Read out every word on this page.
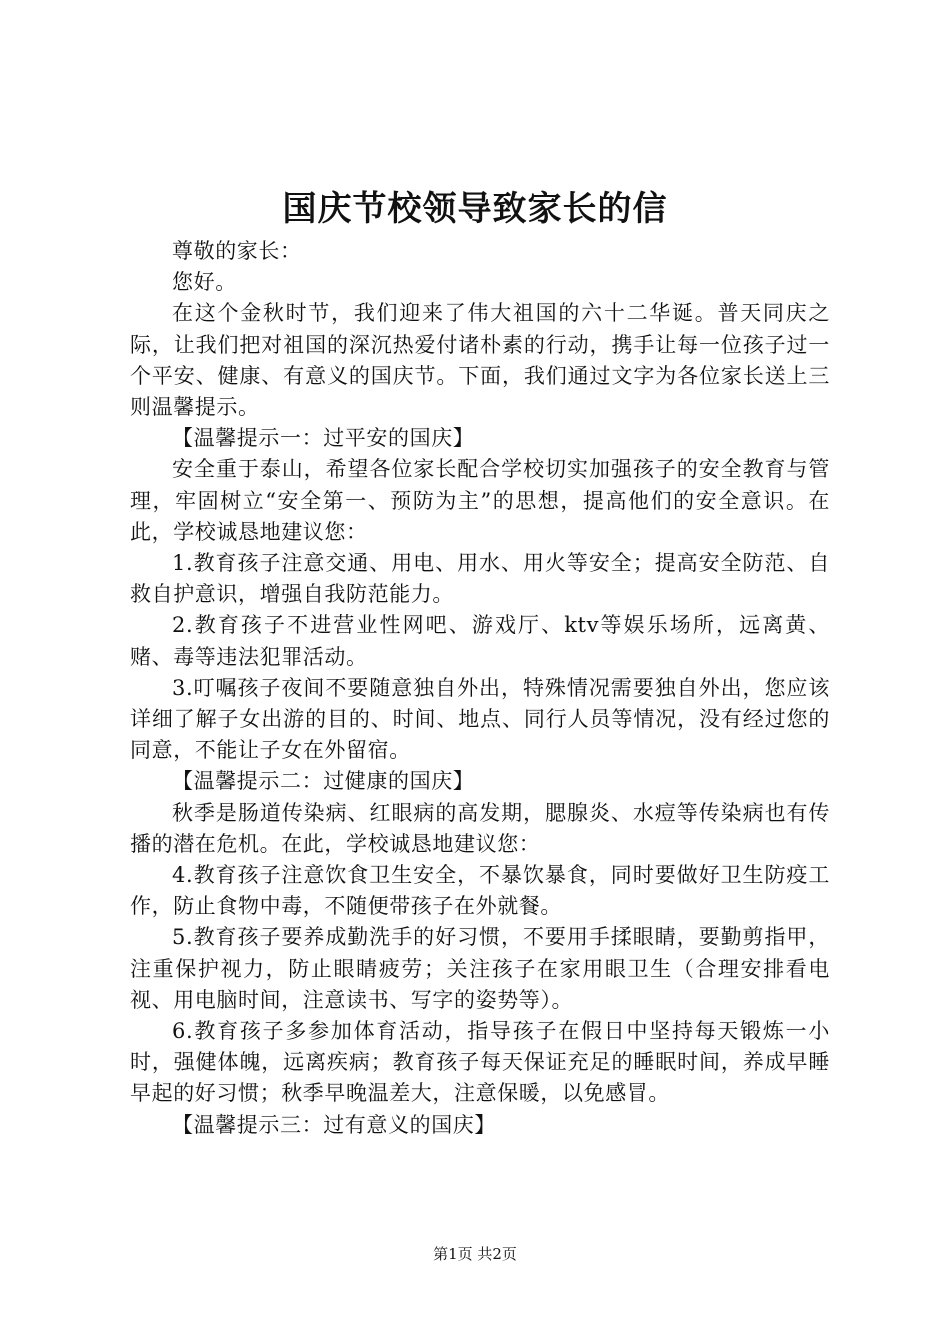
国庆节校领导致家长的信

尊敬的家长：

您好。

在这个金秋时节，我们迎来了伟大祖国的六十二华诞。普天同庆之际，让我们把对祖国的深沉热爱付诸朴素的行动，携手让每一位孩子过一个平安、健康、有意义的国庆节。下面，我们通过文字为各位家长送上三则温馨提示。

【温馨提示一：过平安的国庆】

安全重于泰山，希望各位家长配合学校切实加强孩子的安全教育与管理，牢固树立“安全第一、预防为主”的思想，提高他们的安全意识。在此，学校诚恳地建议您：

1.教育孩子注意交通、用电、用水、用火等安全；提高安全防范、自救自护意识，增强自我防范能力。

2.教育孩子不进营业性网吧、游戏厅、ktv等娱乐场所，远离黄、赌、毒等违法犯罪活动。

3.叮嘱孩子夜间不要随意独自外出，特殊情况需要独自外出，您应该详细了解子女出游的目的、时间、地点、同行人员等情况，没有经过您的同意，不能让子女在外留宿。

【温馨提示二：过健康的国庆】

秋季是肠道传染病、红眼病的高发期，腮腺炎、水痘等传染病也有传播的潜在危机。在此，学校诚恳地建议您：

4.教育孩子注意饮食卫生安全，不暴饮暴食，同时要做好卫生防疫工作，防止食物中毒，不随便带孩子在外就餐。

5.教育孩子要养成勤洗手的好习惯，不要用手揉眼睛，要勤剪指甲，注重保护视力，防止眼睛疲劳；关注孩子在家用眼卫生（合理安排看电视、用电脑时间，注意读书、写字的姿势等）。

6.教育孩子多参加体育活动，指导孩子在假日中坚持每天锻炼一小时，强健体魄，远离疾病；教育孩子每天保证充足的睡眠时间，养成早睡早起的好习惯；秋季早晚温差大，注意保暖，以免感冒。

【温馨提示三：过有意义的国庆】

第1页 共2页
